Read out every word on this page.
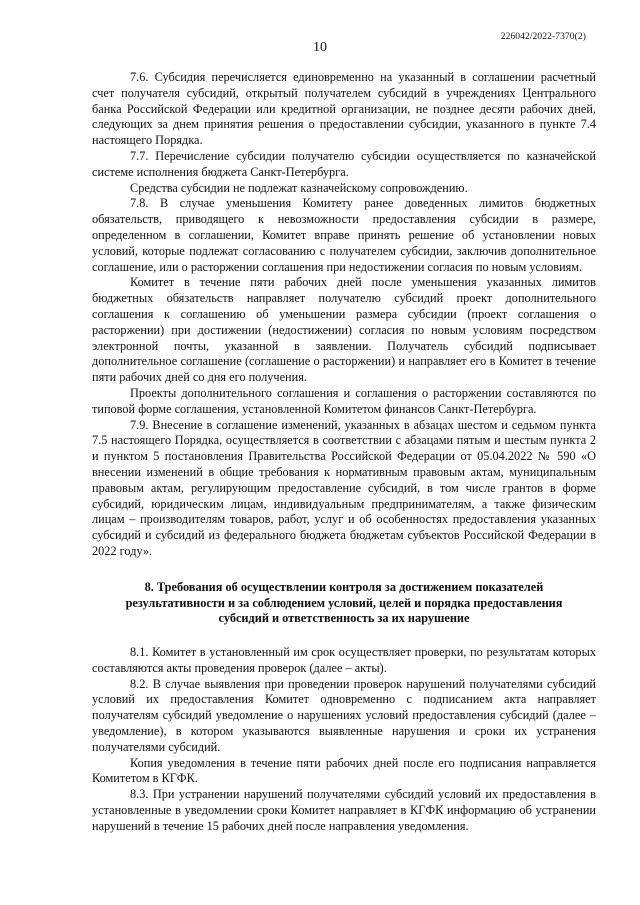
226042/2022-7370(2)
10

7.6. Субсидия перечисляется единовременно на указанный в соглашении расчетный счет получателя субсидий, открытый получателем субсидий в учреждениях Центрального банка Российской Федерации или кредитной организации, не позднее десяти рабочих дней, следующих за днем принятия решения о предоставлении субсидии, указанного в пункте 7.4 настоящего Порядка.

7.7. Перечисление субсидии получателю субсидии осуществляется по казначейской системе исполнения бюджета Санкт-Петербурга.

Средства субсидии не подлежат казначейскому сопровождению.

7.8. В случае уменьшения Комитету ранее доведенных лимитов бюджетных обязательств, приводящего к невозможности предоставления субсидии в размере, определенном в соглашении, Комитет вправе принять решение об установлении новых условий, которые подлежат согласованию с получателем субсидии, заключив дополнительное соглашение, или о расторжении соглашения при недостижении согласия по новым условиям.

Комитет в течение пяти рабочих дней после уменьшения указанных лимитов бюджетных обязательств направляет получателю субсидий проект дополнительного соглашения к соглашению об уменьшении размера субсидии (проект соглашения о расторжении) при достижении (недостижении) согласия по новым условиям посредством электронной почты, указанной в заявлении. Получатель субсидий подписывает дополнительное соглашение (соглашение о расторжении) и направляет его в Комитет в течение пяти рабочих дней со дня его получения.

Проекты дополнительного соглашения и соглашения о расторжении составляются по типовой форме соглашения, установленной Комитетом финансов Санкт-Петербурга.

7.9. Внесение в соглашение изменений, указанных в абзацах шестом и седьмом пункта 7.5 настоящего Порядка, осуществляется в соответствии с абзацами пятым и шестым пункта 2 и пунктом 5 постановления Правительства Российской Федерации от 05.04.2022 № 590 «О внесении изменений в общие требования к нормативным правовым актам, муниципальным правовым актам, регулирующим предоставление субсидий, в том числе грантов в форме субсидий, юридическим лицам, индивидуальным предпринимателям, а также физическим лицам – производителям товаров, работ, услуг и об особенностях предоставления указанных субсидий и субсидий из федерального бюджета бюджетам субъектов Российской Федерации в 2022 году».

8. Требования об осуществлении контроля за достижением показателей
результативности и за соблюдением условий, целей и порядка предоставления
субсидий и ответственность за их нарушение

8.1. Комитет в установленный им срок осуществляет проверки, по результатам которых составляются акты проведения проверок (далее – акты).

8.2. В случае выявления при проведении проверок нарушений получателями субсидий условий их предоставления Комитет одновременно с подписанием акта направляет получателям субсидий уведомление о нарушениях условий предоставления субсидий (далее – уведомление), в котором указываются выявленные нарушения и сроки их устранения получателями субсидий.

Копия уведомления в течение пяти рабочих дней после его подписания направляется Комитетом в КГФК.

8.3. При устранении нарушений получателями субсидий условий их предоставления в установленные в уведомлении сроки Комитет направляет в КГФК информацию об устранении нарушений в течение 15 рабочих дней после направления уведомления.
